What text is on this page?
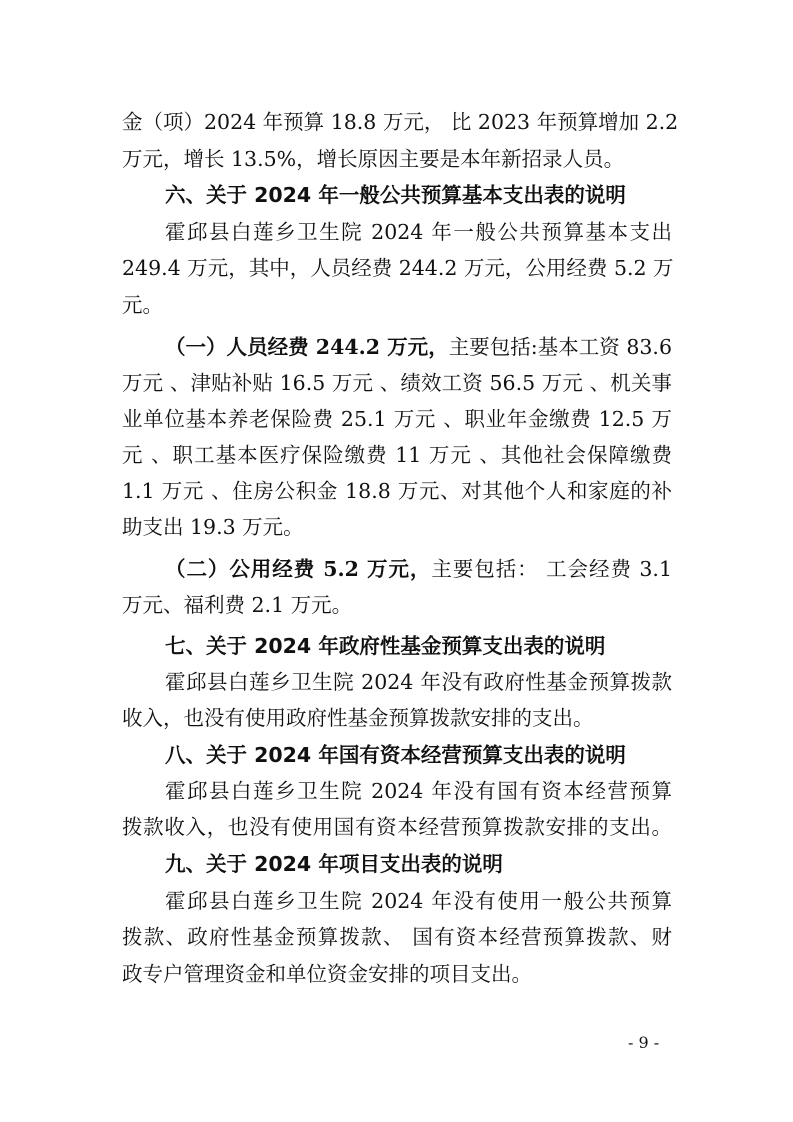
金（项）2024 年预算 18.8 万元， 比 2023 年预算增加 2.2
万元，增长 13.5%，增长原因主要是本年新招录人员。
六、关于 2024 年一般公共预算基本支出表的说明
霍邱县白莲乡卫生院 2024 年一般公共预算基本支出
249.4 万元，其中，人员经费 244.2 万元，公用经费 5.2 万
元。
（一）人员经费 244.2 万元，主要包括:基本工资 83.6
万元 、津贴补贴 16.5 万元 、绩效工资 56.5 万元 、机关事
业单位基本养老保险费 25.1 万元 、职业年金缴费 12.5 万
元 、职工基本医疗保险缴费 11 万元 、其他社会保障缴费
1.1 万元 、住房公积金 18.8 万元、对其他个人和家庭的补
助支出 19.3 万元。
（二）公用经费 5.2 万元，主要包括： 工会经费 3.1
万元、福利费 2.1 万元。
七、关于 2024 年政府性基金预算支出表的说明
霍邱县白莲乡卫生院 2024 年没有政府性基金预算拨款
收入，也没有使用政府性基金预算拨款安排的支出。
八、关于 2024 年国有资本经营预算支出表的说明
霍邱县白莲乡卫生院 2024 年没有国有资本经营预算
拨款收入，也没有使用国有资本经营预算拨款安排的支出。
九、关于 2024 年项目支出表的说明
霍邱县白莲乡卫生院 2024 年没有使用一般公共预算
拨款、政府性基金预算拨款、 国有资本经营预算拨款、财
政专户管理资金和单位资金安排的项目支出。
- 9 -
